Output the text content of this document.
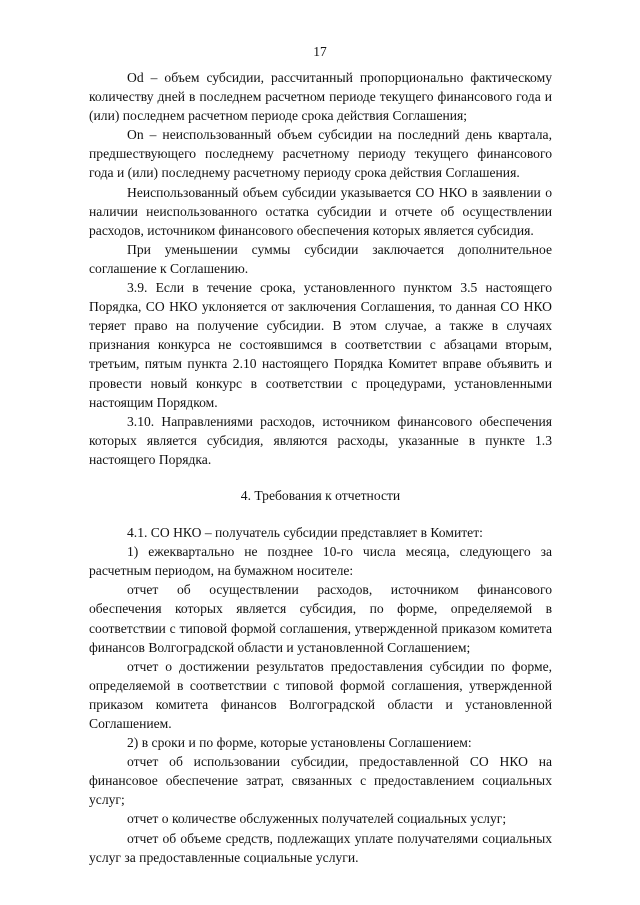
17

Od – объем субсидии, рассчитанный пропорционально фактическому количеству дней в последнем расчетном периоде текущего финансового года и (или) последнем расчетном периоде срока действия Соглашения;

On – неиспользованный объем субсидии на последний день квартала, предшествующего последнему расчетному периоду текущего финансового года и (или) последнему расчетному периоду срока действия Соглашения.

Неиспользованный объем субсидии указывается СО НКО в заявлении о наличии неиспользованного остатка субсидии и отчете об осуществлении расходов, источником финансового обеспечения которых является субсидия.

При уменьшении суммы субсидии заключается дополнительное соглашение к Соглашению.

3.9. Если в течение срока, установленного пунктом 3.5 настоящего Порядка, СО НКО уклоняется от заключения Соглашения, то данная СО НКО теряет право на получение субсидии. В этом случае, а также в случаях признания конкурса не состоявшимся в соответствии с абзацами вторым, третьим, пятым пункта 2.10 настоящего Порядка Комитет вправе объявить и провести новый конкурс в соответствии с процедурами, установленными настоящим Порядком.

3.10. Направлениями расходов, источником финансового обеспечения которых является субсидия, являются расходы, указанные в пункте 1.3 настоящего Порядка.

4. Требования к отчетности

4.1. СО НКО – получатель субсидии представляет в Комитет:

1) ежеквартально не позднее 10-го числа месяца, следующего за расчетным периодом, на бумажном носителе:

отчет об осуществлении расходов, источником финансового обеспечения которых является субсидия, по форме, определяемой в соответствии с типовой формой соглашения, утвержденной приказом комитета финансов Волгоградской области и установленной Соглашением;

отчет о достижении результатов предоставления субсидии по форме, определяемой в соответствии с типовой формой соглашения, утвержденной приказом комитета финансов Волгоградской области и установленной Соглашением.

2) в сроки и по форме, которые установлены Соглашением:

отчет об использовании субсидии, предоставленной СО НКО на финансовое обеспечение затрат, связанных с предоставлением социальных услуг;

отчет о количестве обслуженных получателей социальных услуг;

отчет об объеме средств, подлежащих уплате получателями социальных услуг за предоставленные социальные услуги.
